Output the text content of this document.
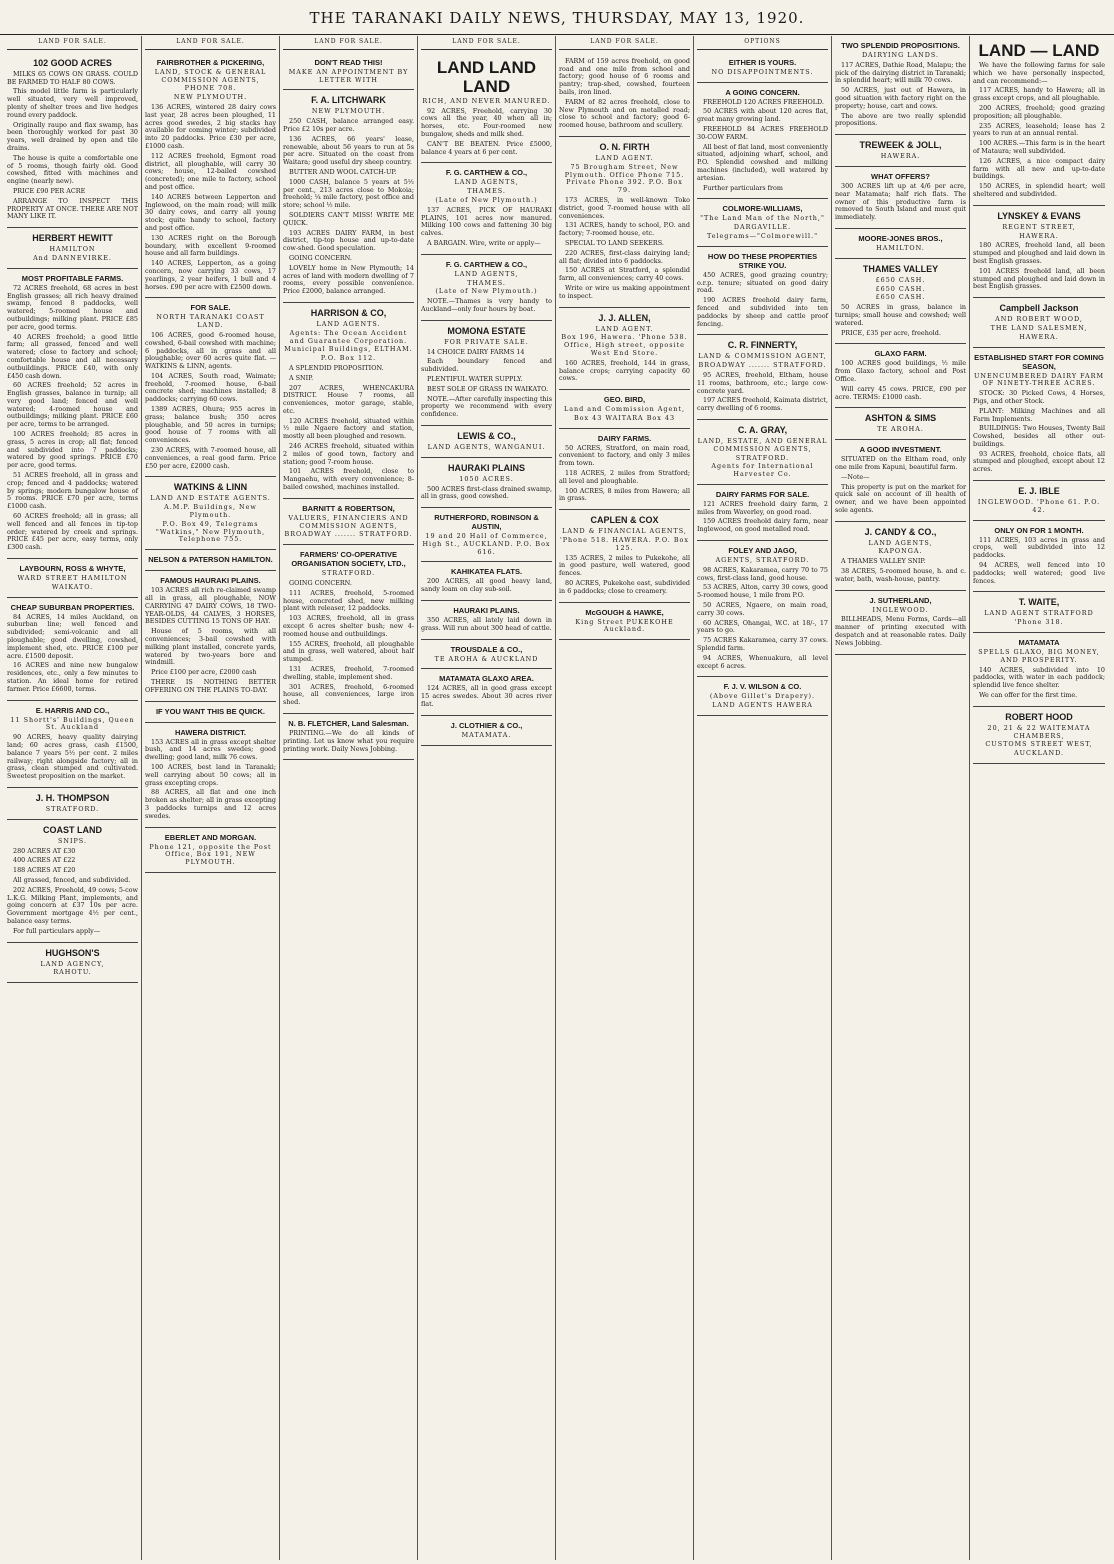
THE TARANAKI DAILY NEWS, THURSDAY, MAY 13, 1920.
LAND FOR SALE.
102 GOOD ACRES
MILKS 65 COWS ON GRASS. COULD BE FARMED TO HALF 80 COWS.
This model little farm is particularly well situated, very well improved, plenty of shelter trees and live hedges round every paddock.
Originally raupo and flax swamp, has been thoroughly worked for past 30 years, well drained by open and tile drains.
The house is quite a comfortable one of 5 rooms, though fairly old. Good cowshed, fitted with machines and engine (nearly new).
PRICE £90 PER ACRE
ARRANGE TO INSPECT THIS PROPERTY AT ONCE. THERE ARE NOT MANY LIKE IT.
HERBERT HEWITT
HAMILTON
And DANNEVIRKE.
MOST PROFITABLE FARMS.
72 ACRES freehold, 68 acres in best English grasses; all rich heavy drained swamp, fenced 8 paddocks, well watered; 5-roomed house and outbuildings; milking plant. PRICE £85 per acre, good terms.
40 ACRES freehold; a good little farm; all grassed, fenced and well watered; close to factory and school; comfortable house and all necessary outbuildings. PRICE £40, with only £450 cash down.
60 ACRES freehold; 52 acres in English grasses, balance in turnip; all very good land; fenced and well watered; 4-roomed house and outbuildings; milking plant. PRICE £60 per acre, terms to be arranged.
100 ACRES freehold; 85 acres in grass, 5 acres in crop; all flat; fenced and subdivided into 7 paddocks; watered by good springs. PRICE £70 per acre, good terms.
51 ACRES freehold, all in grass and crop; fenced and 4 paddocks; watered by springs; modern bungalow house of 5 rooms. PRICE £70 per acre, terms £1000 cash.
60 ACRES freehold; all in grass; all well fenced and all fences in tip-top order; watered by creek and springs. PRICE £45 per acre, easy terms, only £300 cash.
LAYBOURN, ROSS & WHYTE,
WARD STREET HAMILTON
WAIKATO.
CHEAP SUBURBAN PROPERTIES.
84 ACRES, 14 miles Auckland, on suburban line; well fenced and subdivided; semi-volcanic and all ploughable; good dwelling, cowshed, implement shed, etc. PRICE £100 per acre. £1500 deposit.
16 ACRES and nine new bungalow residences, etc., only a few minutes to station. An ideal home for retired farmer. Price £6600, terms.
E. HARRIS AND CO.,
11 Shortt's' Buildings, Queen St. Auckland
90 ACRES, heavy quality dairying land; 60 acres grass, cash £1500, balance 7 years 5½ per cent. 2 miles railway; right alongside factory; all in grass, clean stumped and cultivated. Sweetest proposition on the market.
J. H. THOMPSON
STRATFORD.
COAST LAND
SNIPS.
280 ACRES AT £30
400 ACRES AT £22
188 ACRES AT £20
All grassed, fenced, and subdivided.
202 ACRES, Freehold, 49 cows; 5-cow L.K.G. Milking Plant, implements, and going concern at £37 10s per acre. Government mortgage 4½ per cent., balance easy terms.
For full particulars apply—
HUGHSON'S
LAND AGENCY,
RAHOTU.
LAND FOR SALE.
FAIRBROTHER & PICKERING,
LAND, STOCK & GENERAL COMMISSION AGENTS,
PHONE 708.
NEW PLYMOUTH.
136 ACRES, wintered 28 dairy cows last year, 28 acres been ploughed, 11 acres good swedes, 2 big stacks hay available for coming winter; subdivided into 20 paddocks. Price £30 per acre, £1000 cash.
112 ACRES freehold, Egmont road district, all ploughable, will carry 30 cows; house, 12-bailed cowshed (concreted); one mile to factory, school and post office.
140 ACRES between Lepperton and Inglewood, on the main road; will milk 30 dairy cows, and carry all young stock; quite handy to school, factory and post office.
130 ACRES right on the Borough boundary, with excellent 9-roomed house and all farm buildings.
140 ACRES, Lepperton, as a going concern, now carrying 33 cows, 17 yearlings, 2 year heifers, 1 bull and 4 horses. £90 per acre with £2500 down.
FOR SALE.
NORTH TARANAKI COAST LAND.
106 ACRES, good 6-roomed house, cowshed, 6-bail cowshed with machine; 6 paddocks, all in grass and all ploughable; over 60 acres quite flat. —WATKINS & LINN, agents.
104 ACRES, South road, Waimate; freehold, 7-roomed house, 6-bail concrete shed; machines installed; 8 paddocks; carrying 60 cows.
1389 ACRES, Ohura; 955 acres in grass; balance bush; 350 acres ploughable, and 50 acres in turnips; good house of 7 rooms with all conveniences.
230 ACRES, with 7-roomed house, all conveniences, a real good farm. Price £50 per acre, £2000 cash.
WATKINS & LINN
LAND AND ESTATE AGENTS.
A.M.P. Buildings, New Plymouth.
P.O. Box 49, Telegrams "Watkins," New Plymouth, Telephone 755.
NELSON & PATERSON HAMILTON.
FAMOUS HAURAKI PLAINS.
103 ACRES all rich re-claimed swamp all in grass, all ploughable, NOW CARRYING 47 DAIRY COWS, 18 TWO-YEAR-OLDS, 44 CALVES, 3 HORSES, BESIDES CUTTING 15 TONS OF HAY.
House of 5 rooms, with all conveniences; 3-bail cowshed with milking plant installed, concrete yards, watered by two-years bore and windmill.
Price £100 per acre, £2000 cash
THERE IS NOTHING BETTER OFFERING ON THE PLAINS TO-DAY.
IF YOU WANT THIS BE QUICK.
HAWERA DISTRICT.
153 ACRES all in grass except shelter bush, and 14 acres swedes; good dwelling; good land, milk 76 cows.
100 ACRES, best land in Taranaki; well carrying about 50 cows; all in grass excepting crops.
88 ACRES, all flat and one inch broken as shelter; all in grass excepting 3 paddocks turnips and 12 acres swedes.
EBERLET AND MORGAN.
Phone 121, opposite the Post Office, Box 191, NEW PLYMOUTH.
LAND FOR SALE.
DON'T READ THIS!
MAKE AN APPOINTMENT BY LETTER WITH
F. A. LITCHWARK
NEW PLYMOUTH.
250 CASH, balance arranged easy. Price £2 10s per acre.
136 ACRES, 66 years' lease, renewable, about 56 years to run at 5s per acre. Situated on the coast from Waitara; good useful dry sheep country.
BUTTER AND WOOL CATCH-UP.
1000 CASH, balance 5 years at 5½ per cent., 213 acres close to Mokoia; freehold; ¼ mile factory, post office and store; school ½ mile.
SOLDIERS CAN'T MISS! WRITE ME QUICK.
193 ACRES DAIRY FARM, in best district, tip-top house and up-to-date cow-shed. Good speculation.
GOING CONCERN.
LOVELY home in New Plymouth; 14 acres of land with modern dwelling of 7 rooms, every possible convenience. Price £2000, balance arranged.
HARRISON & CO,
LAND AGENTS.
Agents: The Ocean Accident and Guarantee Corporation.
Municipal Buildings, ELTHAM.
P.O. Box 112.
A SPLENDID PROPOSITION.
A SNIP.
207 ACRES, WHENCAKURA DISTRICT. House 7 rooms, all conveniences, motor garage, stable, etc.
120 ACRES freehold, situated within ½ mile Ngaere factory and station, mostly all been ploughed and resown.
246 ACRES freehold, situated within 2 miles of good town, factory and station; good 7-room house.
101 ACRES freehold, close to Mangaehu, with every convenience; 8-bailed cowshed, machines installed.
BARNITT & ROBERTSON,
VALUERS, FINANCIERS AND COMMISSION AGENTS,
BROADWAY ....... STRATFORD.
FARMERS' CO-OPERATIVE ORGANISATION SOCIETY, LTD.,
STRATFORD.
GOING CONCERN.
111 ACRES, freehold, 5-roomed house, concreted shed, new milking plant with releaser, 12 paddocks.
103 ACRES, freehold, all in grass except 6 acres shelter bush; new 4-roomed house and outbuildings.
155 ACRES, freehold, all ploughable and in grass, well watered, about half stumped.
131 ACRES, freehold, 7-roomed dwelling, stable, implement shed.
301 ACRES, freehold, 6-roomed house, all conveniences, large iron shed.
N. B. FLETCHER, Land Salesman.
PRINTING.—We do all kinds of printing. Let us know what you require printing work. Daily News Jobbing.
LAND FOR SALE.
LAND LAND LAND
RICH, AND NEVER MANURED.
92 ACRES, Freehold, carrying 30 cows all the year, 40 when all in; horses, etc. Four-roomed new bungalow, sheds and milk shed.
CAN'T BE BEATEN. Price £5000, balance 4 years at 6 per cent.
F. G. CARTHEW & CO.,
LAND AGENTS,
THAMES.
(Late of New Plymouth.)
137 ACRES, PICK OF HAURAKI PLAINS, 101 acres now manured. Milking 100 cows and fattening 30 big calves.
A BARGAIN. Wire, write or apply—
F. G. CARTHEW & CO.,
LAND AGENTS,
THAMES.
(Late of New Plymouth.)
NOTE.—Thames is very handy to Auckland—only four hours by boat.
MOMONA ESTATE
FOR PRIVATE SALE.
14 CHOICE DAIRY FARMS 14
Each boundary fenced and subdivided.
PLENTIFUL WATER SUPPLY.
BEST SOLE OF GRASS IN WAIKATO.
NOTE.—After carefully inspecting this property we recommend with every confidence.
LEWIS & CO.,
LAND AGENTS, WANGANUI.
HAURAKI PLAINS
1050 ACRES.
500 ACRES first-class drained swamp, all in grass, good cowshed.
RUTHERFORD, ROBINSON & AUSTIN,
19 and 20 Hall of Commerce, High St., AUCKLAND. P.O. Box 616.
KAHIKATEA FLATS.
200 ACRES, all good heavy land, sandy loam on clay sub-soil.
HAURAKI PLAINS.
350 ACRES, all lately laid down in grass. Will run about 300 head of cattle.
TROUSDALE & CO.,
TE AROHA & AUCKLAND
MATAMATA GLAXO AREA.
124 ACRES, all in good grass except 15 acres swedes. About 30 acres river flat.
J. CLOTHIER & CO.,
MATAMATA.
LAND FOR SALE.
FARM of 159 acres freehold, on good road and one mile from school and factory; good house of 6 rooms and pantry; trap-shed, cowshed, fourteen bails, iron lined.
FARM of 82 acres freehold, close to New Plymouth and on metalled road; close to school and factory; good 6-roomed house, bathroom and scullery.
O. N. FIRTH
LAND AGENT.
75 Brougham Street, New Plymouth. Office Phone 715. Private Phone 392. P.O. Box 79.
173 ACRES, in well-known Toko district, good 7-roomed house with all conveniences.
131 ACRES, handy to school, P.O. and factory; 7-roomed house, etc.
SPECIAL TO LAND SEEKERS.
220 ACRES, first-class dairying land; all flat; divided into 6 paddocks.
150 ACRES at Stratford, a splendid farm, all conveniences; carry 40 cows.
Write or wire us making appointment to inspect.
J. J. ALLEN,
LAND AGENT.
Box 196, Hawera. 'Phone 538. Office, High street, opposite West End Store.
160 ACRES, freehold, 144 in grass, balance crops; carrying capacity 60 cows.
GEO. BIRD,
Land and Commission Agent,
Box 43 WAITARA Box 43
DAIRY FARMS.
50 ACRES, Stratford, on main road, convenient to factory, and only 3 miles from town.
118 ACRES, 2 miles from Stratford; all level and ploughable.
100 ACRES, 8 miles from Hawera; all in grass.
CAPLEN & COX
LAND & FINANCIAL AGENTS,
'Phone 518. HAWERA. P.O. Box 125.
135 ACRES, 2 miles to Pukekohe, all in good pasture, well watered, good fences.
80 ACRES, Pukekohe east, subdivided in 6 paddocks; close to creamery.
McGOUGH & HAWKE,
King Street PUKEKOHE Auckland.
OPTIONS
EITHER IS YOURS.
NO DISAPPOINTMENTS.
A GOING CONCERN.
FREEHOLD 120 ACRES FREEHOLD.
50 ACRES with about 120 acres flat, great many growing land.
FREEHOLD 84 ACRES FREEHOLD 30-COW FARM.
All best of flat land, most conveniently situated, adjoining wharf, school, and P.O. Splendid cowshed and milking machines (included), well watered by artesian.
Further particulars from
COLMORE-WILLIAMS,
"The Land Man of the North,"
DARGAVILLE.
Telegrams—"Colmorewill."
HOW DO THESE PROPERTIES STRIKE YOU.
450 ACRES, good grazing country; o.r.p. tenure; situated on good dairy road.
190 ACRES freehold dairy farm, fenced and subdivided into ten paddocks by sheep and cattle proof fencing.
C. R. FINNERTY,
LAND & COMMISSION AGENT,
BROADWAY ....... STRATFORD.
95 ACRES, freehold, Eltham, house 11 rooms, bathroom, etc.; large cow-concrete yard.
197 ACRES freehold, Kaimata district, carry dwelling of 6 rooms.
C. A. GRAY,
LAND, ESTATE, AND GENERAL COMMISSION AGENTS,
STRATFORD.
Agents for International Harvester Co.
DAIRY FARMS FOR SALE.
121 ACRES freehold dairy farm, 2 miles from Waverley, on good road.
159 ACRES freehold dairy farm, near Inglewood, on good metalled road.
FOLEY AND JAGO,
AGENTS, STRATFORD.
98 ACRES, Kakaramea, carry 70 to 75 cows, first-class land, good house.
53 ACRES, Alton, carry 30 cows, good 5-roomed house, 1 mile from P.O.
50 ACRES, Ngaere, on main road, carry 30 cows.
60 ACRES, Ohangai, W.C. at 18/-, 17 years to go.
75 ACRES Kakaramea, carry 37 cows. Splendid farm.
94 ACRES, Whenuakura, all level except 6 acres.
F. J. V. WILSON & CO.
(Above Gillet's Drapery).
LAND AGENTS HAWERA
TWO SPLENDID PROPOSITIONS.
DAIRYING LANDS.
117 ACRES, Dathie Road, Malapu; the pick of the dairying district in Taranaki; in splendid heart; will milk 70 cows.
50 ACRES, just out of Hawera, in good situation with factory right on the property; house, cart and cows.
The above are two really splendid propositions.
TREWEEK & JOLL,
HAWERA.
WHAT OFFERS?
300 ACRES lift up at 4/6 per acre, near Matamata; half rich flats. The owner of this productive farm is removed to South Island and must quit immediately.
MOORE-JONES BROS.,
HAMILTON.
THAMES VALLEY
£650 CASH.
£650 CASH.
£650 CASH.
50 ACRES in grass, balance in turnips; small house and cowshed; well watered.
PRICE, £35 per acre, freehold.
GLAXO FARM.
100 ACRES good buildings, ½ mile from Glaxo factory, school and Post Office.
Will carry 45 cows. PRICE, £90 per acre. TERMS: £1000 cash.
ASHTON & SIMS
TE AROHA.
A GOOD INVESTMENT.
SITUATED on the Eltham road, only one mile from Kapuni, beautiful farm.
—Note—
This property is put on the market for quick sale on account of ill health of owner, and we have been appointed sole agents.
J. CANDY & CO.,
LAND AGENTS,
KAPONGA.
A THAMES VALLEY SNIP.
38 ACRES, 5-roomed house, h. and c. water, bath, wash-house, pantry.
J. SUTHERLAND,
INGLEWOOD.
BILLHEADS, Menu Forms, Cards—all manner of printing executed with despatch and at reasonable rates. Daily News Jobbing.
LAND — LAND
We have the following farms for sale which we have personally inspected, and can recommend:—
117 ACRES, handy to Hawera; all in grass except crops, and all ploughable.
200 ACRES, freehold; good grazing proposition; all ploughable.
235 ACRES, leasehold; lease has 2 years to run at an annual rental.
100 ACRES.—This farm is in the heart of Mataura; well subdivided.
126 ACRES, a nice compact dairy farm with all new and up-to-date buildings.
150 ACRES, in splendid heart; well sheltered and subdivided.
LYNSKEY & EVANS
REGENT STREET,
HAWERA.
180 ACRES, freehold land, all been stumped and ploughed and laid down in best English grasses.
101 ACRES freehold land, all been stumped and ploughed and laid down in best English grasses.
Campbell Jackson
AND ROBERT WOOD,
THE LAND SALESMEN,
HAWERA.
ESTABLISHED START FOR COMING SEASON,
UNENCUMBERED DAIRY FARM OF NINETY-THREE ACRES.
STOCK: 30 Picked Cows, 4 Horses, Pigs, and other Stock.
PLANT: Milking Machines and all Farm Implements.
BUILDINGS: Two Houses, Twenty Bail Cowshed, besides all other out-buildings.
93 ACRES, freehold, choice flats, all stumped and ploughed, except about 12 acres.
E. J. IBLE
INGLEWOOD. 'Phone 61. P.O. 42.
ONLY ON FOR 1 MONTH.
111 ACRES, 103 acres in grass and crops, well subdivided into 12 paddocks.
94 ACRES, well fenced into 10 paddocks; well watered; good live fences.
T. WAITE,
LAND AGENT STRATFORD
'Phone 318.
MATAMATA
SPELLS GLAXO, BIG MONEY, AND PROSPERITY.
140 ACRES, subdivided into 10 paddocks, with water in each paddock; splendid live fence shelter.
We can offer for the first time.
ROBERT HOOD
20, 21 & 22 WAITEMATA CHAMBERS,
CUSTOMS STREET WEST,
AUCKLAND.
